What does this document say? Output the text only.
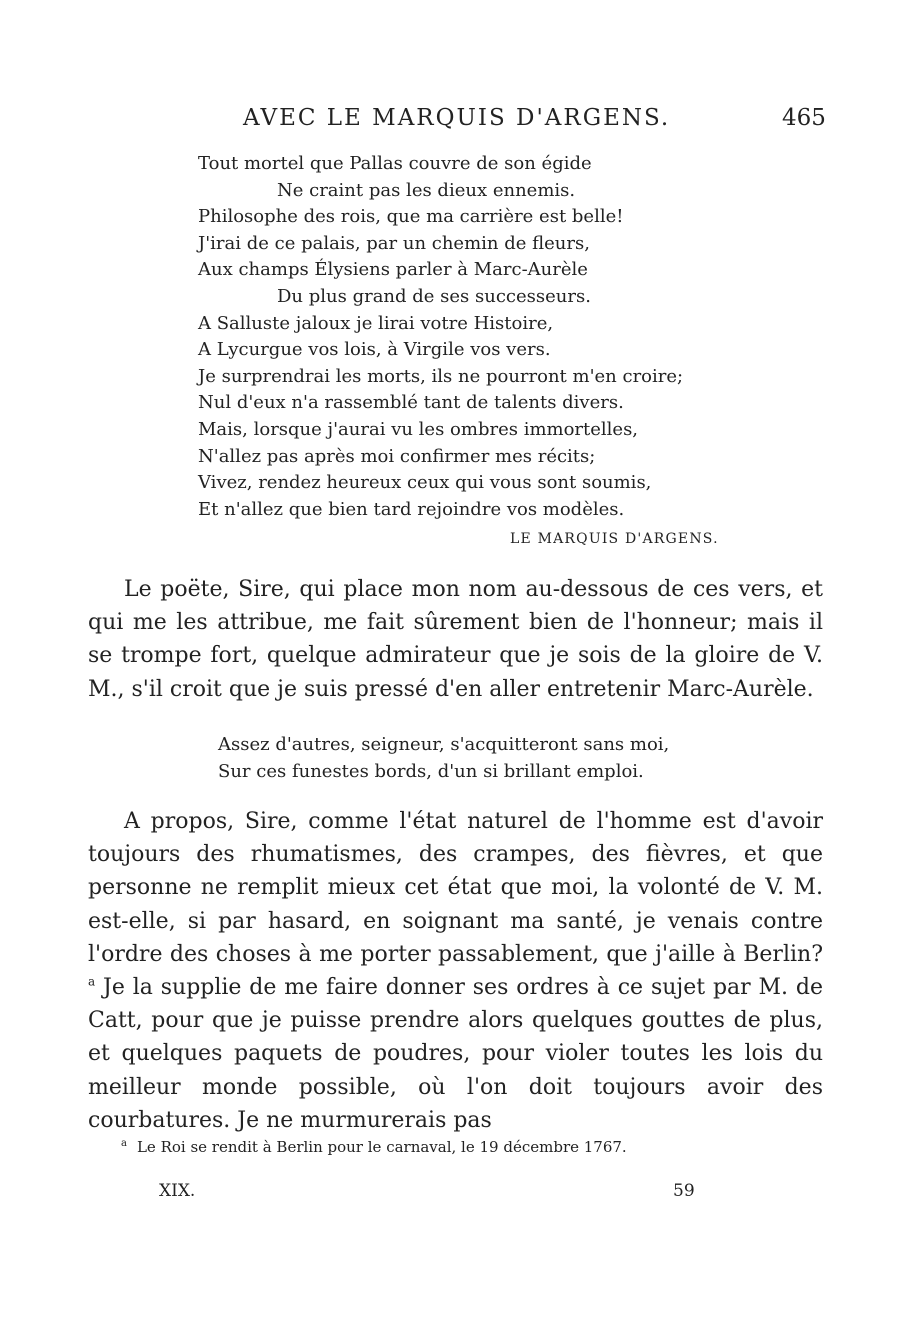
AVEC LE MARQUIS D'ARGENS.	465
Tout mortel que Pallas couvre de son égide
Ne craint pas les dieux ennemis.
Philosophe des rois, que ma carrière est belle!
J'irai de ce palais, par un chemin de fleurs,
Aux champs Élysiens parler à Marc-Aurèle
Du plus grand de ses successeurs.
A Salluste jaloux je lirai votre Histoire,
A Lycurgue vos lois, à Virgile vos vers.
Je surprendrai les morts, ils ne pourront m'en croire;
Nul d'eux n'a rassemblé tant de talents divers.
Mais, lorsque j'aurai vu les ombres immortelles,
N'allez pas après moi confirmer mes récits;
Vivez, rendez heureux ceux qui vous sont soumis,
Et n'allez que bien tard rejoindre vos modèles.
LE MARQUIS D'ARGENS.

Le poëte, Sire, qui place mon nom au-dessous de ces vers, et qui me les attribue, me fait sûrement bien de l'honneur; mais il se trompe fort, quelque admirateur que je sois de la gloire de V. M., s'il croit que je suis pressé d'en aller entretenir Marc-Aurèle.

Assez d'autres, seigneur, s'acquitteront sans moi,
Sur ces funestes bords, d'un si brillant emploi.

A propos, Sire, comme l'état naturel de l'homme est d'avoir toujours des rhumatismes, des crampes, des fièvres, et que personne ne remplit mieux cet état que moi, la volonté de V. M. est-elle, si par hasard, en soignant ma santé, je venais contre l'ordre des choses à me porter passablement, que j'aille à Berlin?$^a$ Je la supplie de me faire donner ses ordres à ce sujet par M. de Catt, pour que je puisse prendre alors quelques gouttes de plus, et quelques paquets de poudres, pour violer toutes les lois du meilleur monde possible, où l'on doit toujours avoir des courbatures. Je ne murmurerais pas

$^a$ Le Roi se rendit à Berlin pour le carnaval, le 19 décembre 1767.
XIX.	59
